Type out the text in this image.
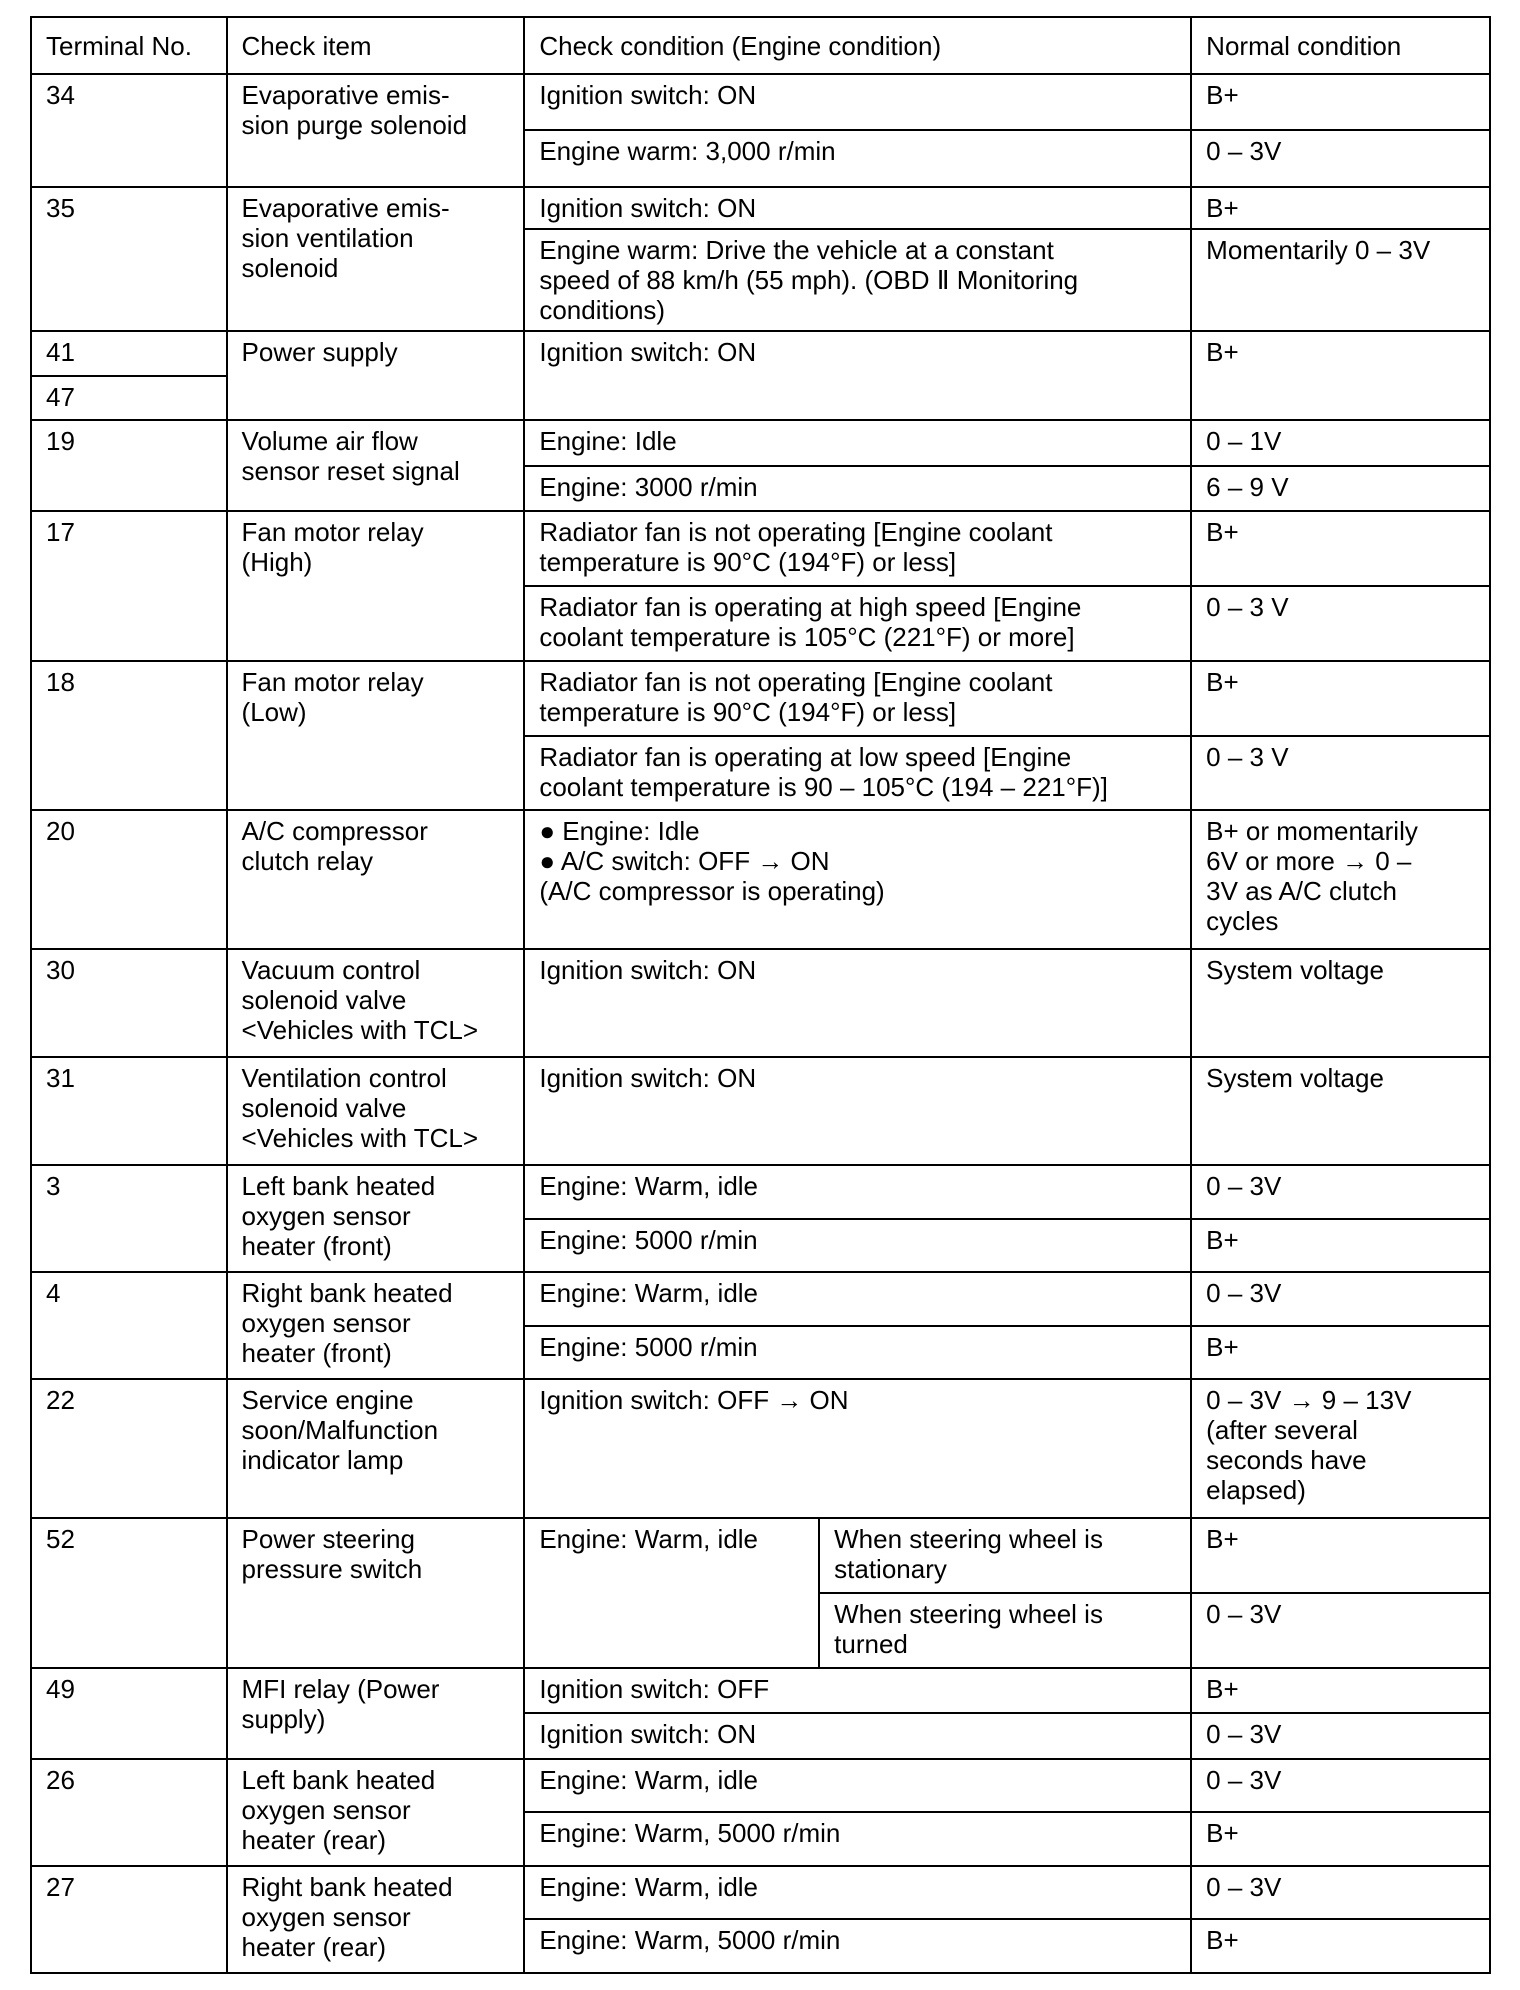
Terminal No.	Check item	Check condition (Engine condition)		Normal condition
34	Evaporative emis-
sion purge solenoid	Ignition switch: ON		B+
		Engine warm: 3,000 r/min		0 – 3V
35	Evaporative emis-
sion ventilation
solenoid	Ignition switch: ON		B+
		Engine warm: Drive the vehicle at a constant
speed of 88 km/h (55 mph). (OBD Ⅱ Monitoring
conditions)		Momentarily 0 – 3V
41	Power supply	Ignition switch: ON		B+
47				
19	Volume air flow
sensor reset signal	Engine: Idle		0 – 1V
		Engine: 3000 r/min		6 – 9 V
17	Fan motor relay
(High)	Radiator fan is not operating [Engine coolant
temperature is 90°C (194°F) or less]		B+
		Radiator fan is operating at high speed [Engine
coolant temperature is 105°C (221°F) or more]		0 – 3 V
18	Fan motor relay
(Low)	Radiator fan is not operating [Engine coolant
temperature is 90°C (194°F) or less]		B+
		Radiator fan is operating at low speed [Engine
coolant temperature is 90 – 105°C (194 – 221°F)]		0 – 3 V
20	A/C compressor
clutch relay	● Engine: Idle
● A/C switch: OFF → ON
(A/C compressor is operating)		B+ or momentarily
6V or more → 0 –
3V as A/C clutch
cycles
30	Vacuum control
solenoid valve
<Vehicles with TCL>	Ignition switch: ON		System voltage
31	Ventilation control
solenoid valve
<Vehicles with TCL>	Ignition switch: ON		System voltage
3	Left bank heated
oxygen sensor
heater (front)	Engine: Warm, idle		0 – 3V
		Engine: 5000 r/min		B+
4	Right bank heated
oxygen sensor
heater (front)	Engine: Warm, idle		0 – 3V
		Engine: 5000 r/min		B+
22	Service engine
soon/Malfunction
indicator lamp	Ignition switch: OFF → ON		0 – 3V → 9 – 13V
(after several
seconds have
elapsed)
52	Power steering
pressure switch	Engine: Warm, idle	When steering wheel is
stationary	B+
			When steering wheel is
turned	0 – 3V
49	MFI relay (Power
supply)	Ignition switch: OFF		B+
		Ignition switch: ON		0 – 3V
26	Left bank heated
oxygen sensor
heater (rear)	Engine: Warm, idle		0 – 3V
		Engine: Warm, 5000 r/min		B+
27	Right bank heated
oxygen sensor
heater (rear)	Engine: Warm, idle		0 – 3V
		Engine: Warm, 5000 r/min		B+
